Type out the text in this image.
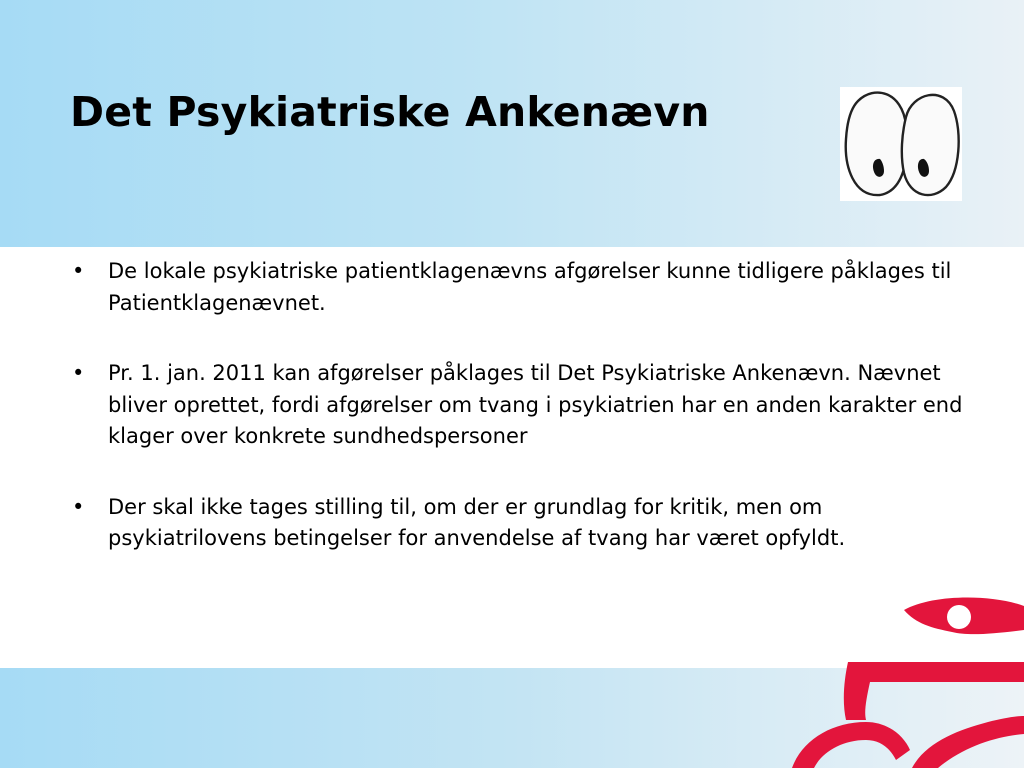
Det Psykiatriske Ankenævn
• De lokale psykiatriske patientklagenævns afgørelser kunne tidligere påklages til Patientklagenævnet.
• Pr. 1. jan. 2011 kan afgørelser påklages til Det Psykiatriske Ankenævn. Nævnet bliver oprettet, fordi afgørelser om tvang i psykiatrien har en anden karakter end klager over konkrete sundhedspersoner
• Der skal ikke tages stilling til, om der er grundlag for kritik, men om psykiatrilovens betingelser for anvendelse af tvang har været opfyldt.
